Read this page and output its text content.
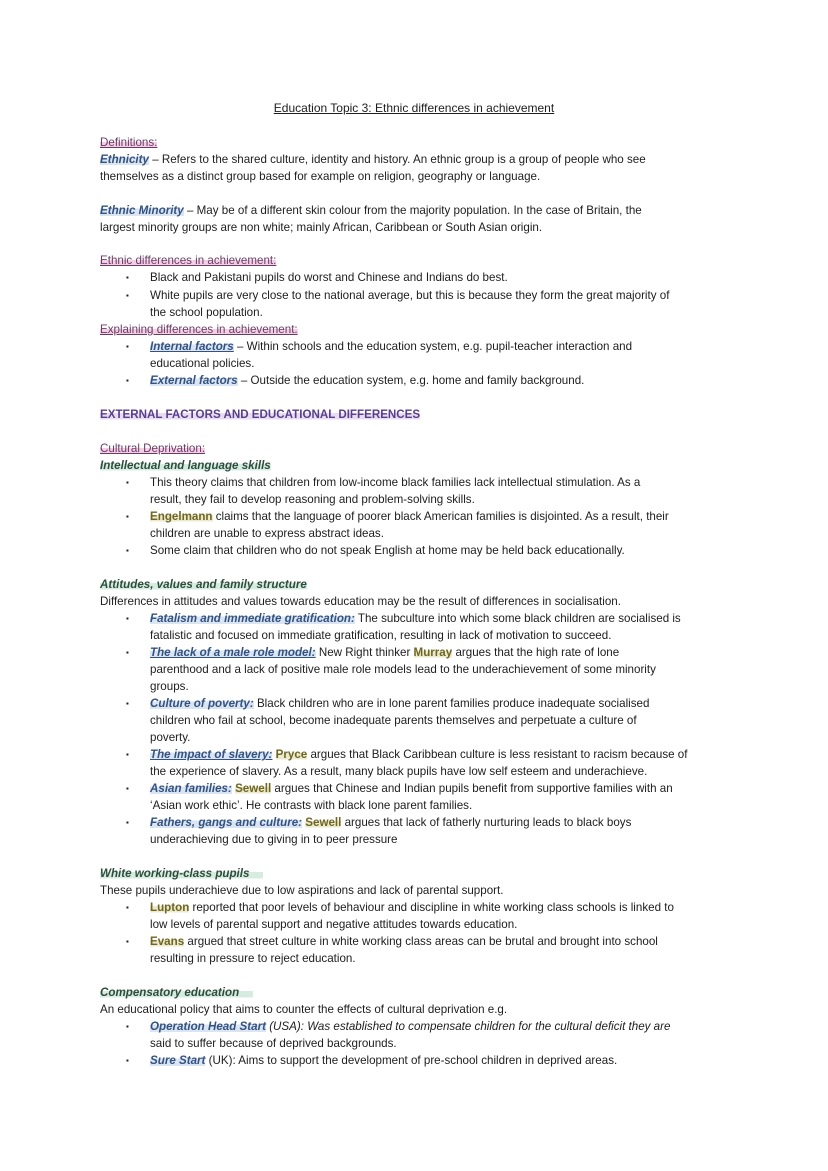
Education Topic 3: Ethnic differences in achievement
Definitions:
Ethnicity – Refers to the shared culture, identity and history. An ethnic group is a group of people who see
themselves as a distinct group based for example on religion, geography or language.
Ethnic Minority – May be of a different skin colour from the majority population. In the case of Britain, the
largest minority groups are non white; mainly African, Caribbean or South Asian origin.
Ethnic differences in achievement:
▪ Black and Pakistani pupils do worst and Chinese and Indians do best.
▪ White pupils are very close to the national average, but this is because they form the great majority of
the school population.
Explaining differences in achievement:
▪ Internal factors – Within schools and the education system, e.g. pupil-teacher interaction and
educational policies.
▪ External factors – Outside the education system, e.g. home and family background.
EXTERNAL FACTORS AND EDUCATIONAL DIFFERENCES
Cultural Deprivation:
Intellectual and language skills
▪ This theory claims that children from low-income black families lack intellectual stimulation. As a
result, they fail to develop reasoning and problem-solving skills.
▪ Engelmann claims that the language of poorer black American families is disjointed. As a result, their
children are unable to express abstract ideas.
▪ Some claim that children who do not speak English at home may be held back educationally.
Attitudes, values and family structure
Differences in attitudes and values towards education may be the result of differences in socialisation.
▪ Fatalism and immediate gratification: The subculture into which some black children are socialised is
fatalistic and focused on immediate gratification, resulting in lack of motivation to succeed.
▪ The lack of a male role model: New Right thinker Murray argues that the high rate of lone
parenthood and a lack of positive male role models lead to the underachievement of some minority
groups.
▪ Culture of poverty: Black children who are in lone parent families produce inadequate socialised
children who fail at school, become inadequate parents themselves and perpetuate a culture of
poverty.
▪ The impact of slavery: Pryce argues that Black Caribbean culture is less resistant to racism because of
the experience of slavery. As a result, many black pupils have low self esteem and underachieve.
▪ Asian families: Sewell argues that Chinese and Indian pupils benefit from supportive families with an
‘Asian work ethic’. He contrasts with black lone parent families.
▪ Fathers, gangs and culture: Sewell argues that lack of fatherly nurturing leads to black boys
underachieving due to giving in to peer pressure
White working-class pupils
These pupils underachieve due to low aspirations and lack of parental support.
▪ Lupton reported that poor levels of behaviour and discipline in white working class schools is linked to
low levels of parental support and negative attitudes towards education.
▪ Evans argued that street culture in white working class areas can be brutal and brought into school
resulting in pressure to reject education.
Compensatory education
An educational policy that aims to counter the effects of cultural deprivation e.g.
▪ Operation Head Start (USA): Was established to compensate children for the cultural deficit they are
said to suffer because of deprived backgrounds.
▪ Sure Start (UK): Aims to support the development of pre-school children in deprived areas.
